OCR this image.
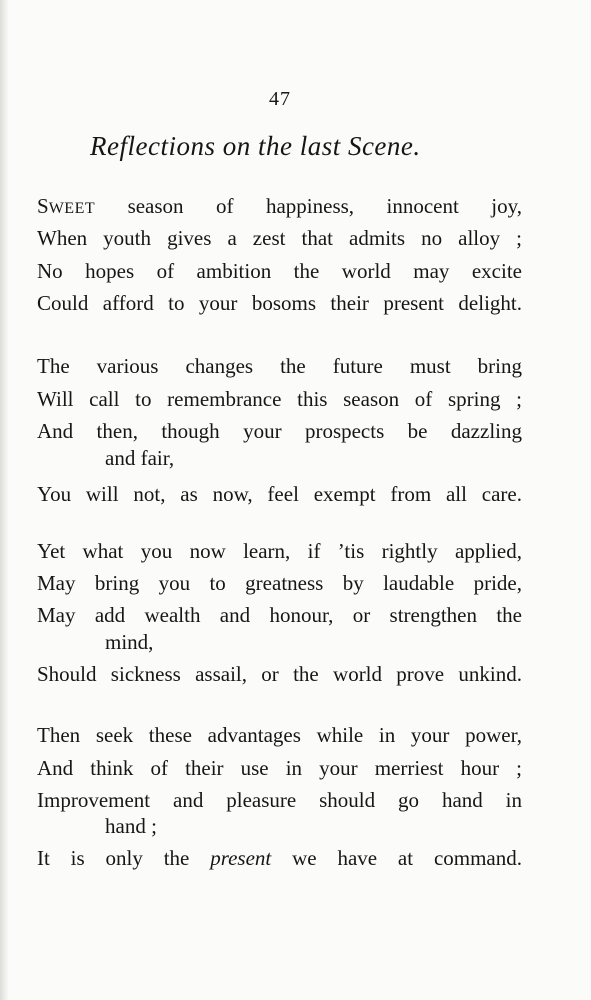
47
Reflections on the last Scene.
SWEET season of happiness, innocent joy,
When youth gives a zest that admits no alloy ;
No hopes of ambition the world may excite
Could afford to your bosoms their present delight.
The various changes the future must bring
Will call to remembrance this season of spring ;
And then, though your prospects be dazzling
and fair,
You will not, as now, feel exempt from all care.
Yet what you now learn, if ’tis rightly applied,
May bring you to greatness by laudable pride,
May add wealth and honour, or strengthen the
mind,
Should sickness assail, or the world prove unkind.
Then seek these advantages while in your power,
And think of their use in your merriest hour ;
Improvement and pleasure should go hand in
hand ;
It is only the present we have at command.
